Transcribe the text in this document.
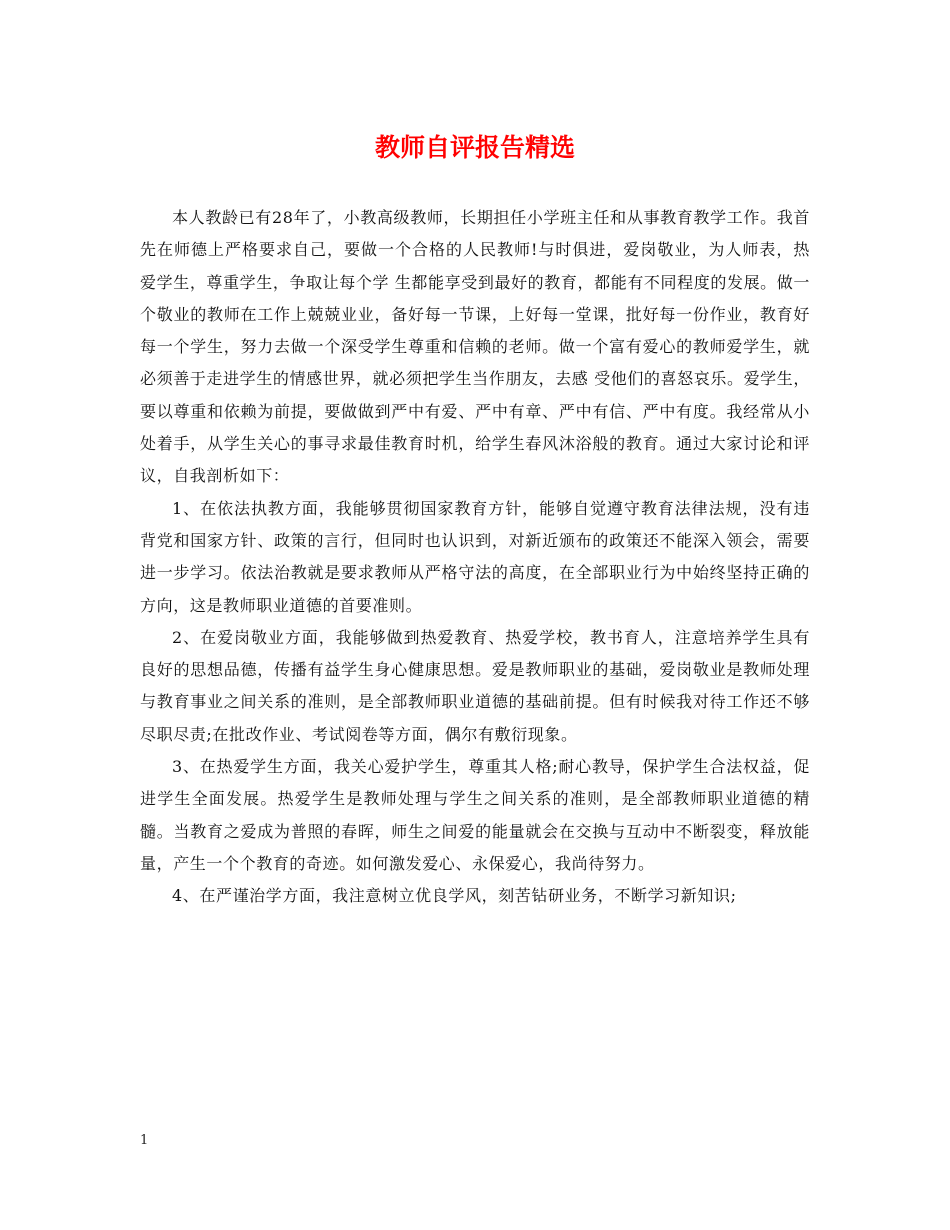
教师自评报告精选

本人教龄已有28年了，小教高级教师，长期担任小学班主任和从事教育教学工作。我首先在师德上严格要求自己，要做一个合格的人民教师!与时俱进，爱岗敬业，为人师表，热爱学生，尊重学生，争取让每个学 生都能享受到最好的教育，都能有不同程度的发展。做一个敬业的教师在工作上兢兢业业，备好每一节课，上好每一堂课，批好每一份作业，教育好每一个学生，努力去做一个深受学生尊重和信赖的老师。做一个富有爱心的教师爱学生，就必须善于走进学生的情感世界，就必须把学生当作朋友，去感 受他们的喜怒哀乐。爱学生，要以尊重和依赖为前提，要做做到严中有爱、严中有章、严中有信、严中有度。我经常从小处着手，从学生关心的事寻求最佳教育时机，给学生春风沐浴般的教育。通过大家讨论和评议，自我剖析如下：

1、在依法执教方面，我能够贯彻国家教育方针，能够自觉遵守教育法律法规，没有违背党和国家方针、政策的言行，但同时也认识到，对新近颁布的政策还不能深入领会，需要进一步学习。依法治教就是要求教师从严格守法的高度，在全部职业行为中始终坚持正确的方向，这是教师职业道德的首要准则。

2、在爱岗敬业方面，我能够做到热爱教育、热爱学校，教书育人，注意培养学生具有良好的思想品德，传播有益学生身心健康思想。爱是教师职业的基础，爱岗敬业是教师处理与教育事业之间关系的准则，是全部教师职业道德的基础前提。但有时候我对待工作还不够尽职尽责;在批改作业、考试阅卷等方面，偶尔有敷衍现象。

3、在热爱学生方面，我关心爱护学生，尊重其人格;耐心教导，保护学生合法权益，促进学生全面发展。热爱学生是教师处理与学生之间关系的准则，是全部教师职业道德的精髓。当教育之爱成为普照的春晖，师生之间爱的能量就会在交换与互动中不断裂变，释放能量，产生一个个教育的奇迹。如何激发爱心、永保爱心，我尚待努力。

4、在严谨治学方面，我注意树立优良学风，刻苦钻研业务，不断学习新知识;

1
